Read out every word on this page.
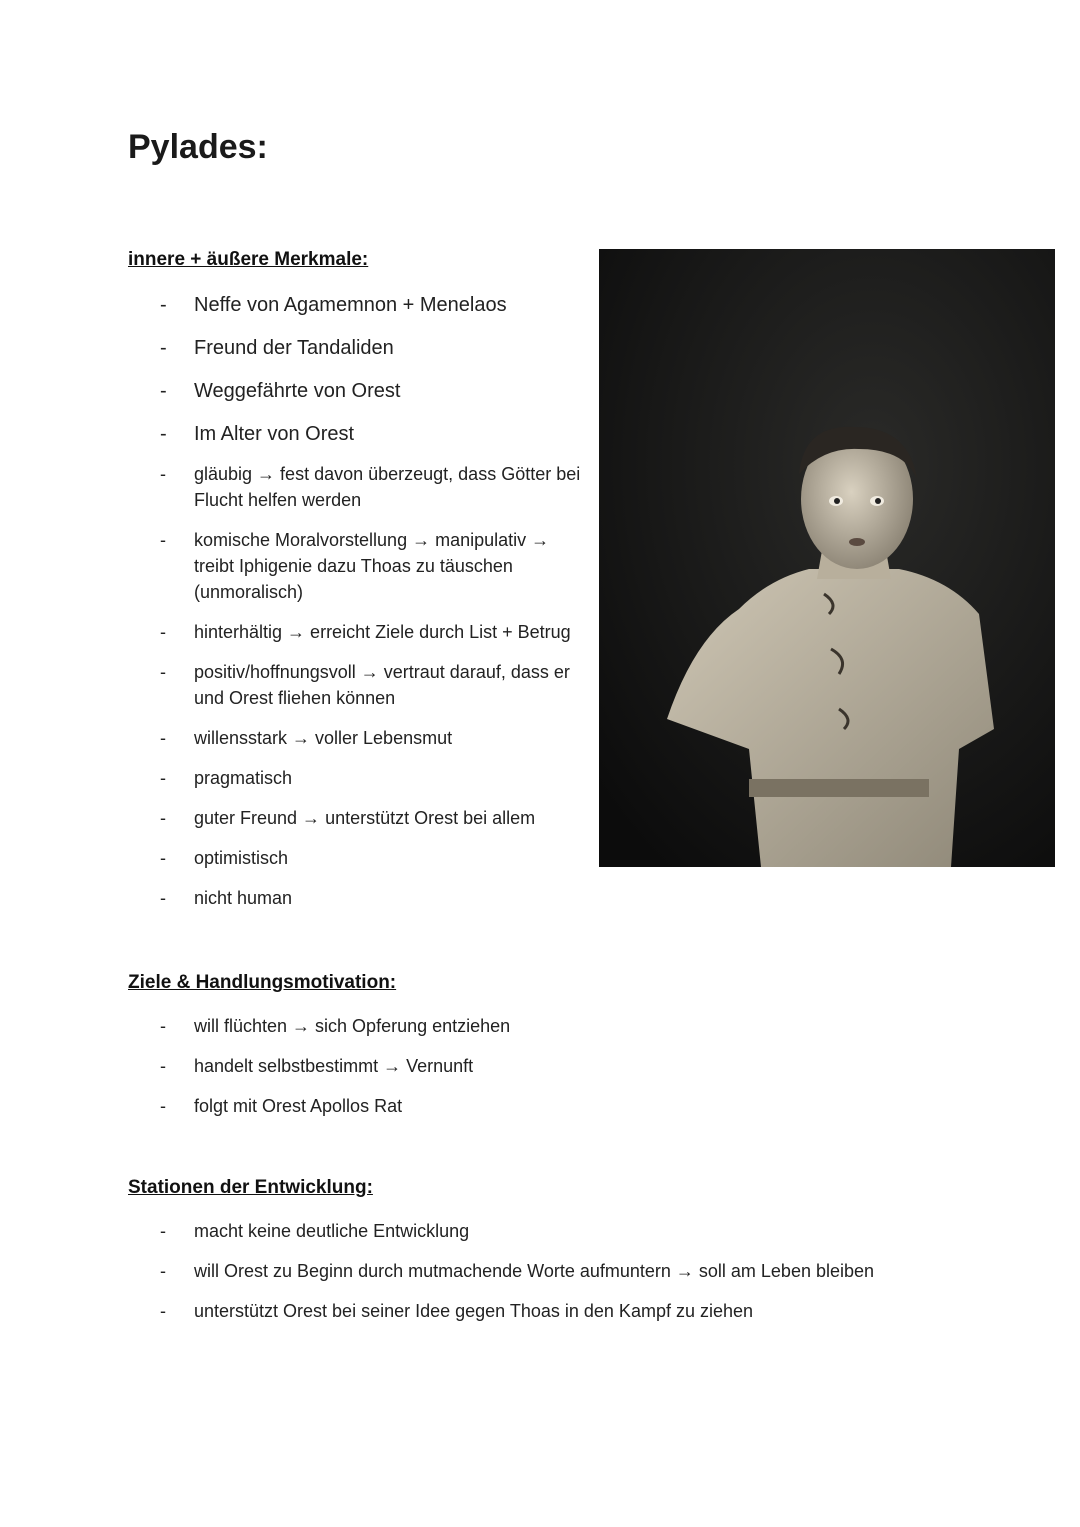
Pylades:
innere + äußere Merkmale:
- Neffe von Agamemnon + Menelaos
- Freund der Tandaliden
- Weggefährte von Orest
- Im Alter von Orest
- gläubig → fest davon überzeugt, dass Götter bei Flucht helfen werden
- komische Moralvorstellung → manipulativ → treibt Iphigenie dazu Thoas zu täuschen (unmoralisch)
- hinterhältig → erreicht Ziele durch List + Betrug
- positiv/hoffnungsvoll → vertraut darauf, dass er und Orest fliehen können
- willensstark → voller Lebensmut
- pragmatisch
- guter Freund → unterstützt Orest bei allem
- optimistisch
- nicht human
Ziele & Handlungsmotivation:
- will flüchten → sich Opferung entziehen
- handelt selbstbestimmt → Vernunft
- folgt mit Orest Apollos Rat
Stationen der Entwicklung:
- macht keine deutliche Entwicklung
- will Orest zu Beginn durch mutmachende Worte aufmuntern → soll am Leben bleiben
- unterstützt Orest bei seiner Idee gegen Thoas in den Kampf zu ziehen
